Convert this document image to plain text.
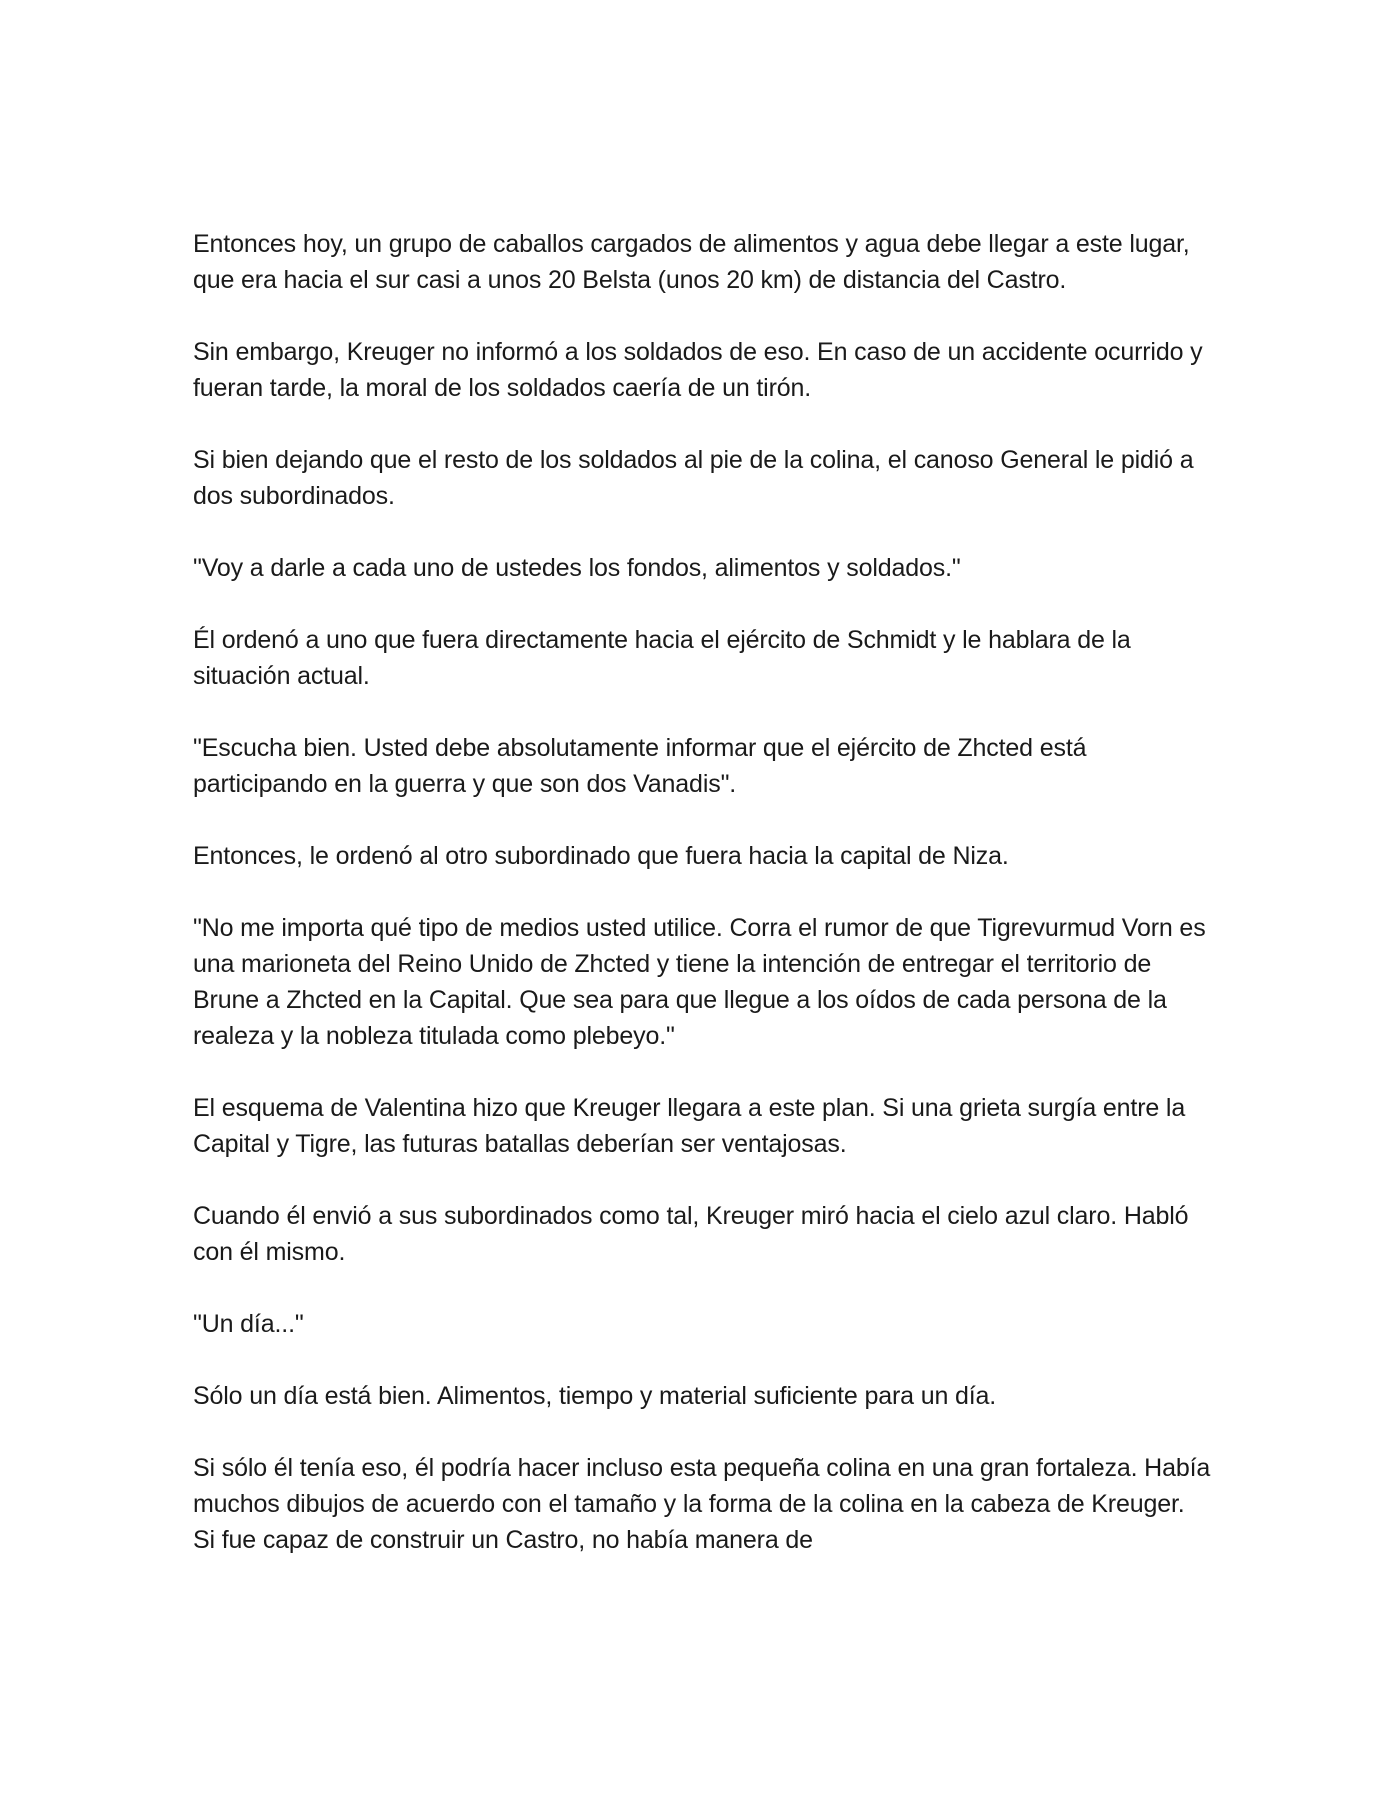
Entonces hoy, un grupo de caballos cargados de alimentos y agua debe llegar a este lugar, que era hacia el sur casi a unos 20 Belsta (unos 20 km) de distancia del Castro.

Sin embargo, Kreuger no informó a los soldados de eso. En caso de un accidente ocurrido y fueran tarde, la moral de los soldados caería de un tirón.

Si bien dejando que el resto de los soldados al pie de la colina, el canoso General le pidió a dos subordinados.

"Voy a darle a cada uno de ustedes los fondos, alimentos y soldados."

Él ordenó a uno que fuera directamente hacia el ejército de Schmidt y le hablara de la situación actual.

"Escucha bien. Usted debe absolutamente informar que el ejército de Zhcted está participando en la guerra y que son dos Vanadis".

Entonces, le ordenó al otro subordinado que fuera hacia la capital de Niza.

"No me importa qué tipo de medios usted utilice. Corra el rumor de que Tigrevurmud Vorn es una marioneta del Reino Unido de Zhcted y tiene la intención de entregar el territorio de Brune a Zhcted en la Capital. Que sea para que llegue a los oídos de cada persona de la realeza y la nobleza titulada como plebeyo."

El esquema de Valentina hizo que Kreuger llegara a este plan. Si una grieta surgía entre la Capital y Tigre, las futuras batallas deberían ser ventajosas.

Cuando él envió a sus subordinados como tal, Kreuger miró hacia el cielo azul claro. Habló con él mismo.

"Un día..."

Sólo un día está bien. Alimentos, tiempo y material suficiente para un día.

Si sólo él tenía eso, él podría hacer incluso esta pequeña colina en una gran fortaleza. Había muchos dibujos de acuerdo con el tamaño y la forma de la colina en la cabeza de Kreuger. Si fue capaz de construir un Castro, no había manera de
